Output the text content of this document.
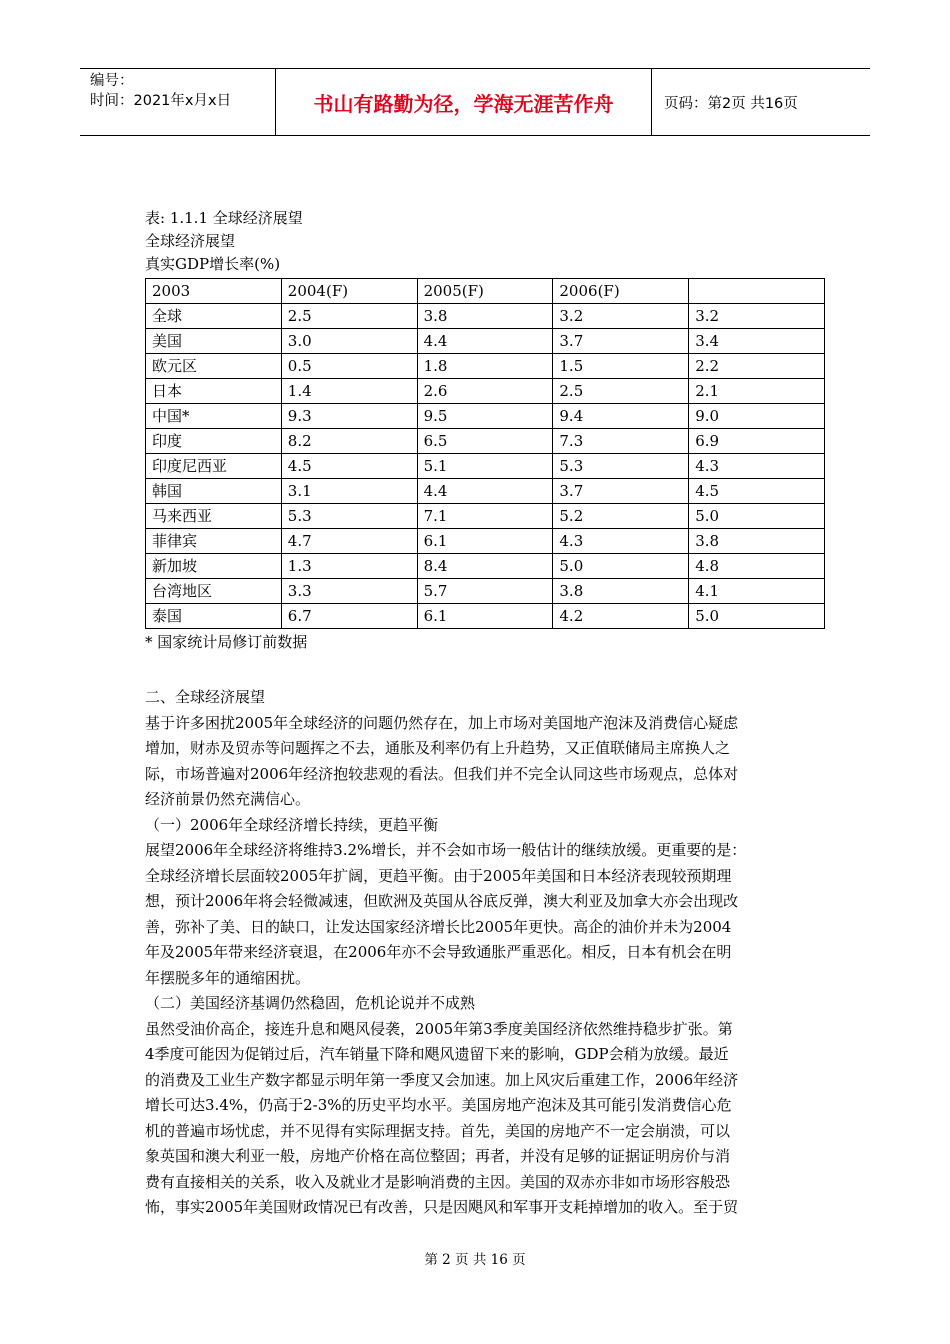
编号：
时间：2021年x月x日	书山有路勤为径，学海无涯苦作舟	页码：第2页 共16页
表: 1.1.1 全球经济展望
全球经济展望
真实GDP增长率(%)
2003	2004(F)	2005(F)	2006(F)	
全球	2.5	3.8	3.2	3.2
美国	3.0	4.4	3.7	3.4
欧元区	0.5	1.8	1.5	2.2
日本	1.4	2.6	2.5	2.1
中国*	9.3	9.5	9.4	9.0
印度	8.2	6.5	7.3	6.9
印度尼西亚	4.5	5.1	5.3	4.3
韩国	3.1	4.4	3.7	4.5
马来西亚	5.3	7.1	5.2	5.0
菲律宾	4.7	6.1	4.3	3.8
新加坡	1.3	8.4	5.0	4.8
台湾地区	3.3	5.7	3.8	4.1
泰国	6.7	6.1	4.2	5.0
* 国家统计局修订前数据
二、全球经济展望
基于许多困扰2005年全球经济的问题仍然存在，加上市场对美国地产泡沫及消费信心疑虑
增加，财赤及贸赤等问题挥之不去，通胀及利率仍有上升趋势，又正值联储局主席换人之
际，市场普遍对2006年经济抱较悲观的看法。但我们并不完全认同这些市场观点，总体对
经济前景仍然充满信心。
（一）2006年全球经济增长持续，更趋平衡
展望2006年全球经济将维持3.2%增长，并不会如市场一般估计的继续放缓。更重要的是：
全球经济增长层面较2005年扩阔，更趋平衡。由于2005年美国和日本经济表现较预期理
想，预计2006年将会轻微减速，但欧洲及英国从谷底反弹，澳大利亚及加拿大亦会出现改
善，弥补了美、日的缺口，让发达国家经济增长比2005年更快。高企的油价并未为2004
年及2005年带来经济衰退，在2006年亦不会导致通胀严重恶化。相反，日本有机会在明
年摆脱多年的通缩困扰。
（二）美国经济基调仍然稳固，危机论说并不成熟
虽然受油价高企，接连升息和飓风侵袭，2005年第3季度美国经济依然维持稳步扩张。第
4季度可能因为促销过后，汽车销量下降和飓风遗留下来的影响，GDP会稍为放缓。最近
的消费及工业生产数字都显示明年第一季度又会加速。加上风灾后重建工作，2006年经济
增长可达3.4%，仍高于2-3%的历史平均水平。美国房地产泡沫及其可能引发消费信心危
机的普遍市场忧虑，并不见得有实际理据支持。首先，美国的房地产不一定会崩溃，可以
象英国和澳大利亚一般，房地产价格在高位整固；再者，并没有足够的证据证明房价与消
费有直接相关的关系，收入及就业才是影响消费的主因。美国的双赤亦非如市场形容般恐
怖，事实2005年美国财政情况已有改善，只是因飓风和军事开支耗掉增加的收入。至于贸
第 2 页 共 16 页
